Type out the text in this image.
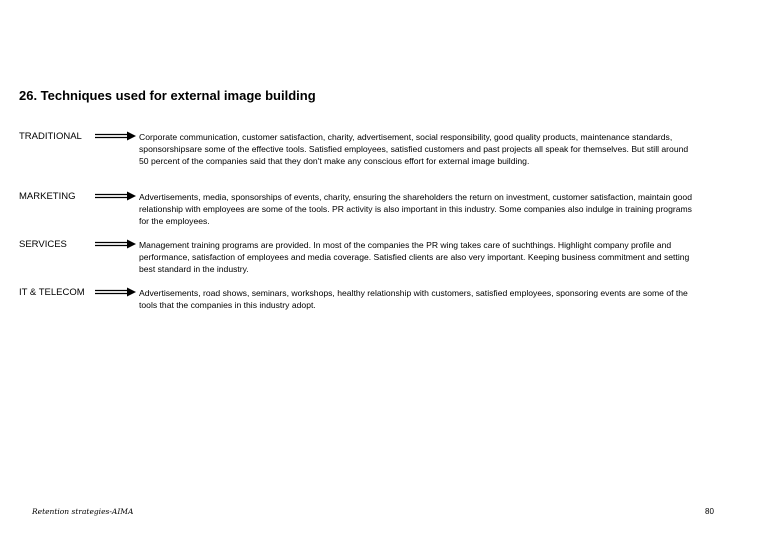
26. Techniques used for external image building
TRADITIONAL	Corporate communication, customer satisfaction, charity, advertisement, social responsibility, good quality products, maintenance standards, sponsorshipsare some of the effective tools. Satisfied employees, satisfied customers and past projects all speak for themselves. But still around 50 percent of the companies said that they don't make any conscious effort for external image building.
MARKETING	Advertisements, media, sponsorships of events, charity, ensuring the shareholders the return on investment, customer satisfaction, maintain good relationship with employees are some of the tools. PR activity is also important in this industry. Some companies also indulge in training programs for the employees.
SERVICES	Management training programs are provided. In most of the companies the PR wing takes care of suchthings. Highlight company profile and performance, satisfaction of employees and media coverage. Satisfied clients are also very important. Keeping business commitment and setting best standard in the industry.
IT & TELECOM	Advertisements, road shows, seminars, workshops, healthy relationship with customers, satisfied employees, sponsoring events are some of the tools that the companies in this industry adopt.
Retention strategies-AIMA	80
